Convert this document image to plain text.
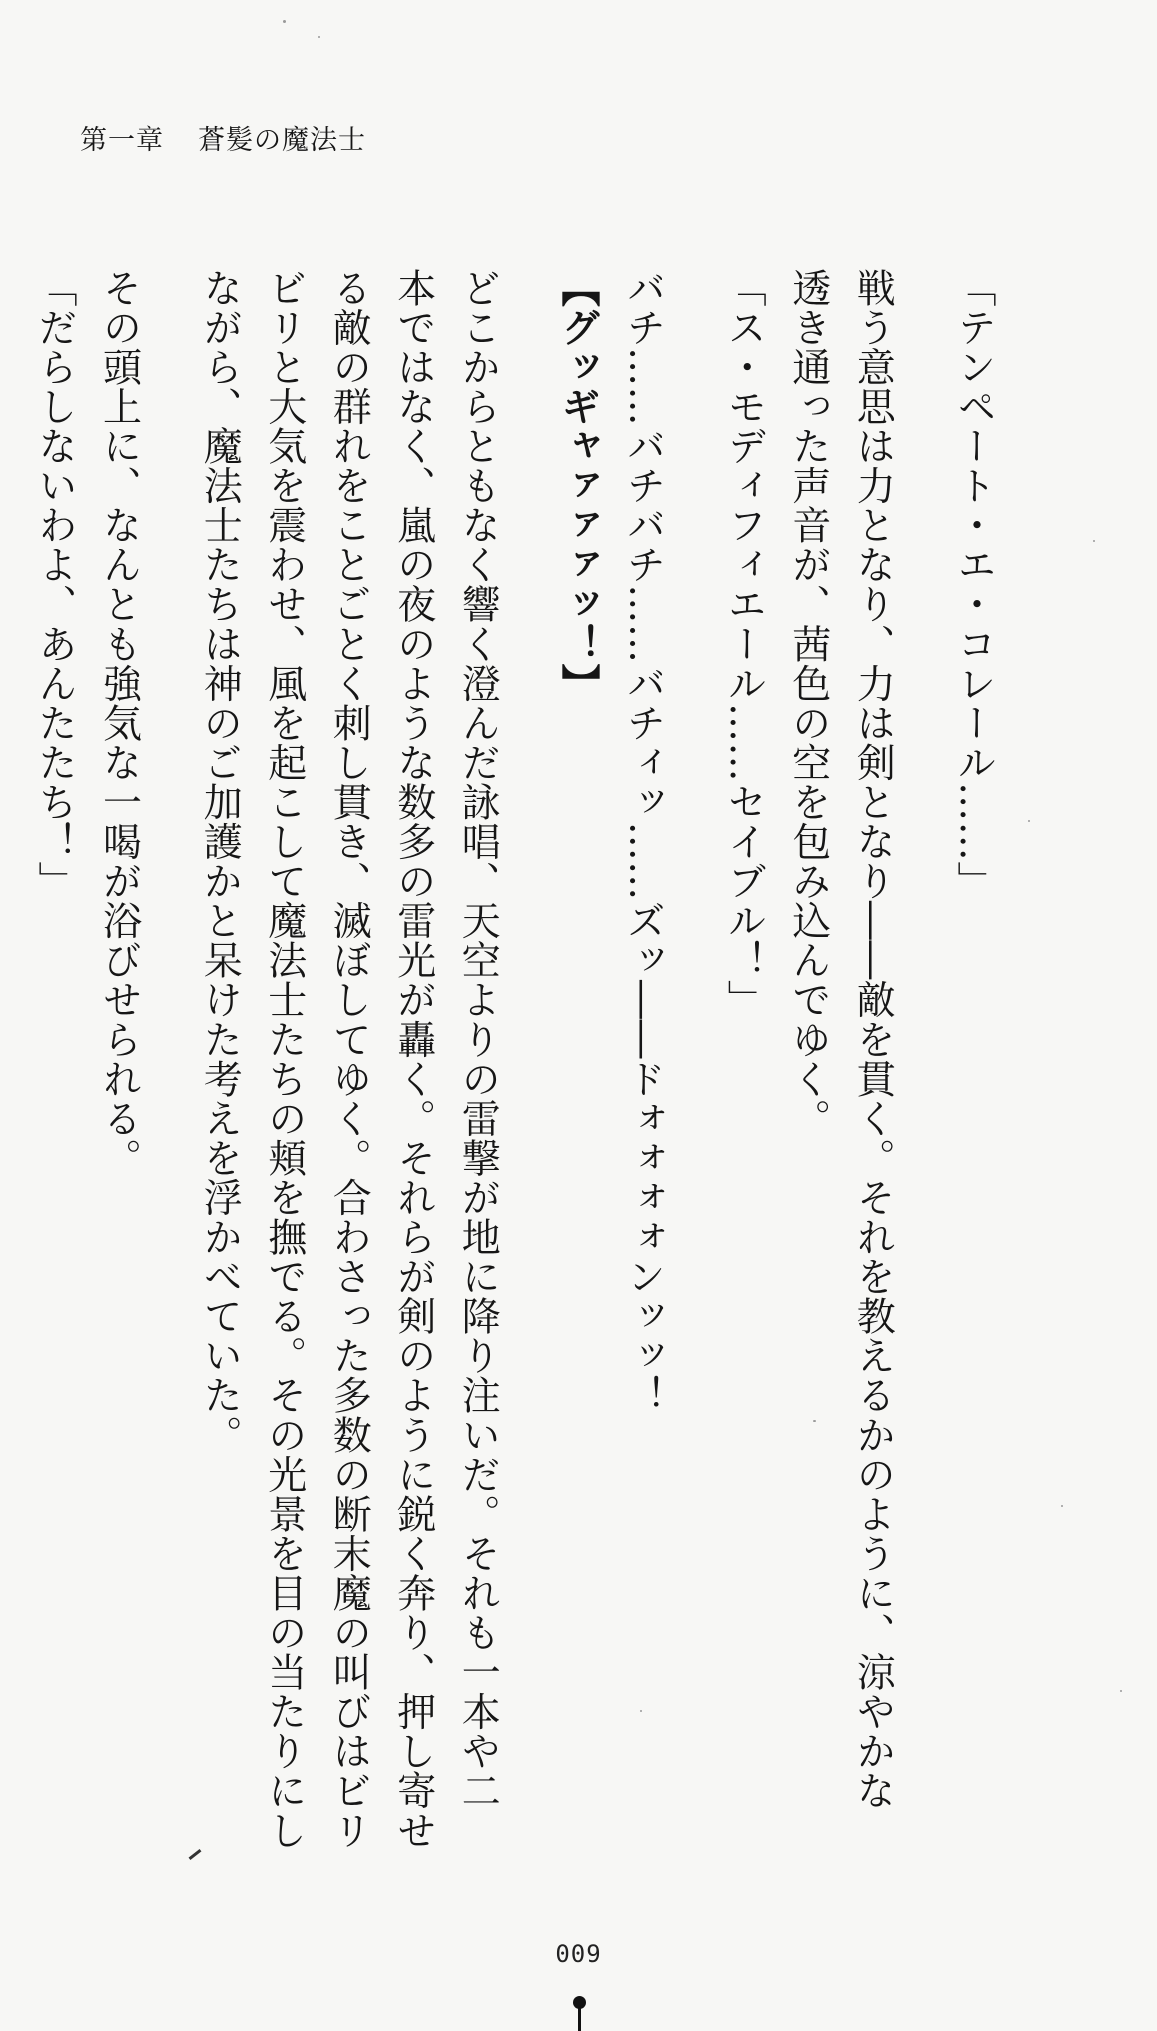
第一章 蒼髪の魔法士
「テンペート・エ・コレール……」
戦う意思は力となり、力は剣となり――敵を貫く。それを教えるかのように、涼やかな
透き通った声音が、茜色の空を包み込んでゆく。
「ス・モディフィエール……セイブル！」
バチ……バチバチ……バチィッ……ズッ――ドォォォォンッッ！
【グッギャァァァッ！】
どこからともなく響く澄んだ詠唱、天空よりの雷撃が地に降り注いだ。それも一本や二
本ではなく、嵐の夜のような数多の雷光が轟く。それらが剣のように鋭く奔り、押し寄せ
る敵の群れをことごとく刺し貫き、滅ぼしてゆく。合わさった多数の断末魔の叫びはビリ
ビリと大気を震わせ、風を起こして魔法士たちの頬を撫でる。その光景を目の当たりにし
ながら、魔法士たちは神のご加護かと呆けた考えを浮かべていた。
その頭上に、なんとも強気な一喝が浴びせられる。
「だらしないわよ、あんたたち！」
009
